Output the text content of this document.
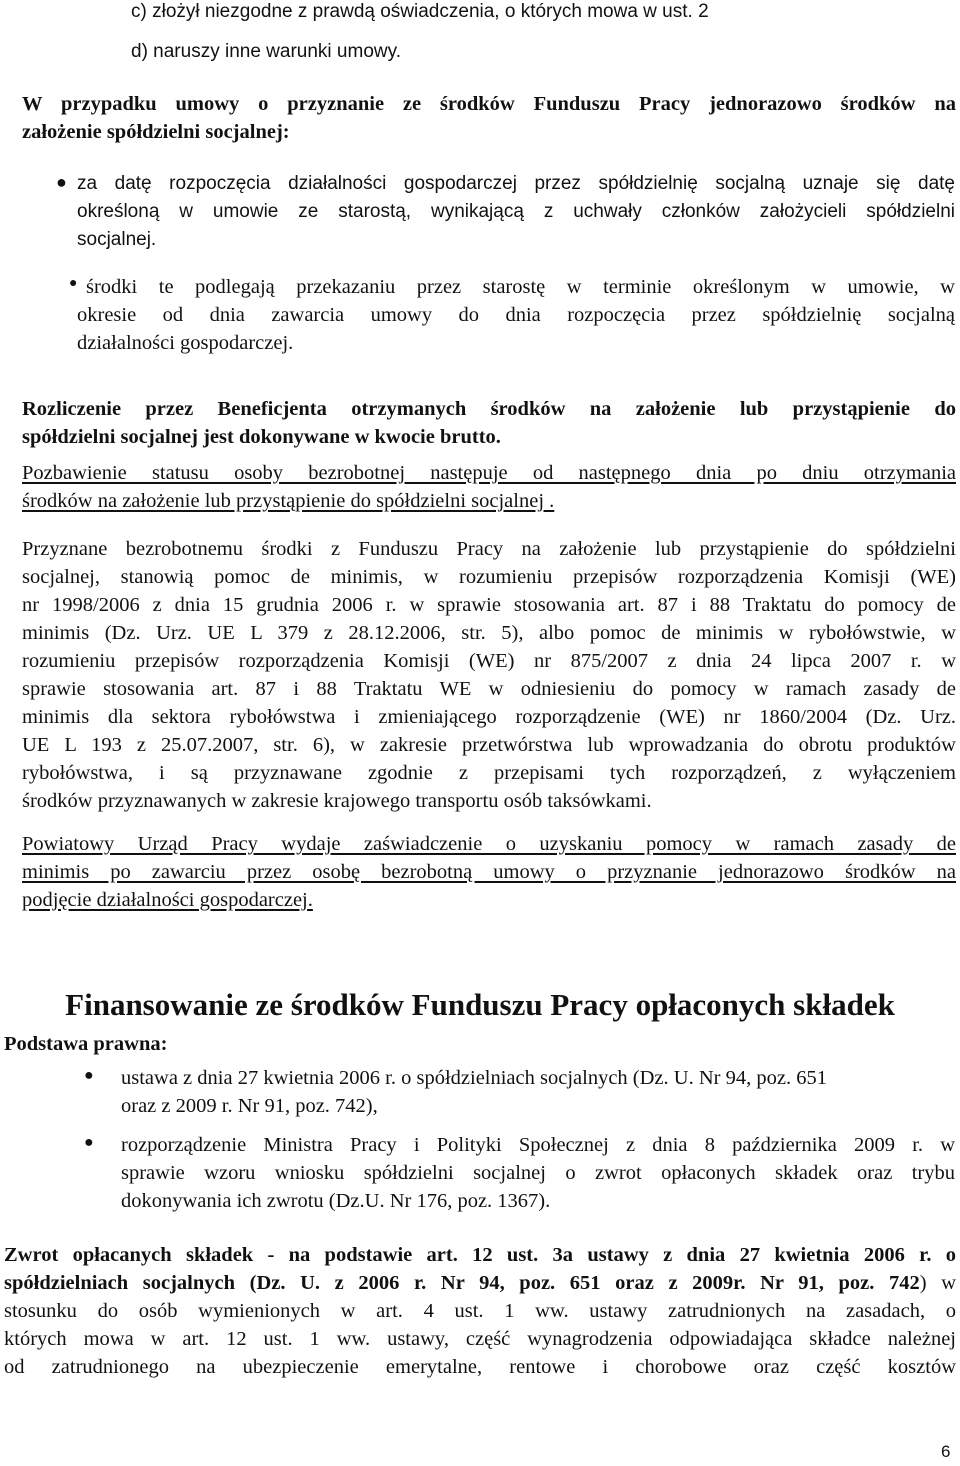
c) złożył niezgodne z prawdą oświadczenia, o których mowa w ust. 2

d) naruszy inne warunki umowy.

W przypadku umowy o przyznanie ze środków Funduszu Pracy jednorazowo środków na
założenie spółdzielni socjalnej:
● za datę rozpoczęcia działalności gospodarczej przez spółdzielnię socjalną uznaje się datę
określoną w umowie ze starostą, wynikającą z uchwały członków założycieli spółdzielni
socjalnej.
● środki te podlegają przekazaniu przez starostę w terminie określonym w umowie, w
okresie od dnia zawarcia umowy do dnia rozpoczęcia przez spółdzielnię socjalną
działalności gospodarczej.
Rozliczenie przez Beneficjenta otrzymanych środków na założenie lub przystąpienie do
spółdzielni socjalnej jest dokonywane w kwocie brutto.
Pozbawienie statusu osoby bezrobotnej następuje od następnego dnia po dniu otrzymania
środków na założenie lub przystąpienie do spółdzielni socjalnej .
Przyznane bezrobotnemu środki z Funduszu Pracy na założenie lub przystąpienie do spółdzielni
socjalnej, stanowią pomoc de minimis, w rozumieniu przepisów rozporządzenia Komisji (WE)
nr 1998/2006 z dnia 15 grudnia 2006 r. w sprawie stosowania art. 87 i 88 Traktatu do pomocy de
minimis (Dz. Urz. UE L 379 z 28.12.2006, str. 5), albo pomoc de minimis w rybołówstwie, w
rozumieniu przepisów rozporządzenia Komisji (WE) nr 875/2007 z dnia 24 lipca 2007 r. w
sprawie stosowania art. 87 i 88 Traktatu WE w odniesieniu do pomocy w ramach zasady de
minimis dla sektora rybołówstwa i zmieniającego rozporządzenie (WE) nr 1860/2004 (Dz. Urz.
UE L 193 z 25.07.2007, str. 6), w zakresie przetwórstwa lub wprowadzania do obrotu produktów
rybołówstwa, i są przyznawane zgodnie z przepisami tych rozporządzeń, z wyłączeniem
środków przyznawanych w zakresie krajowego transportu osób taksówkami.
Powiatowy Urząd Pracy wydaje zaświadczenie o uzyskaniu pomocy w ramach zasady de
minimis po zawarciu przez osobę bezrobotną umowy o przyznanie jednorazowo środków na
podjęcie działalności gospodarczej.
Finansowanie ze środków Funduszu Pracy opłaconych składek

Podstawa prawna:

● ustawa z dnia 27 kwietnia 2006 r. o spółdzielniach socjalnych (Dz. U. Nr 94, poz. 651
oraz z 2009 r. Nr 91, poz. 742),
● rozporządzenie Ministra Pracy i Polityki Społecznej z dnia 8 października 2009 r. w
sprawie wzoru wniosku spółdzielni socjalnej o zwrot opłaconych składek oraz trybu
dokonywania ich zwrotu (Dz.U. Nr 176, poz. 1367).
Zwrot opłacanych składek - na podstawie art. 12 ust. 3a ustawy z dnia 27 kwietnia 2006 r. o
spółdzielniach socjalnych (Dz. U. z 2006 r. Nr 94, poz. 651 oraz z 2009r. Nr 91, poz. 742) w
stosunku do osób wymienionych w art. 4 ust. 1 ww. ustawy zatrudnionych na zasadach, o
których mowa w art. 12 ust. 1 ww. ustawy, część wynagrodzenia odpowiadająca składce należnej
od zatrudnionego na ubezpieczenie emerytalne, rentowe i chorobowe oraz część kosztów

6
